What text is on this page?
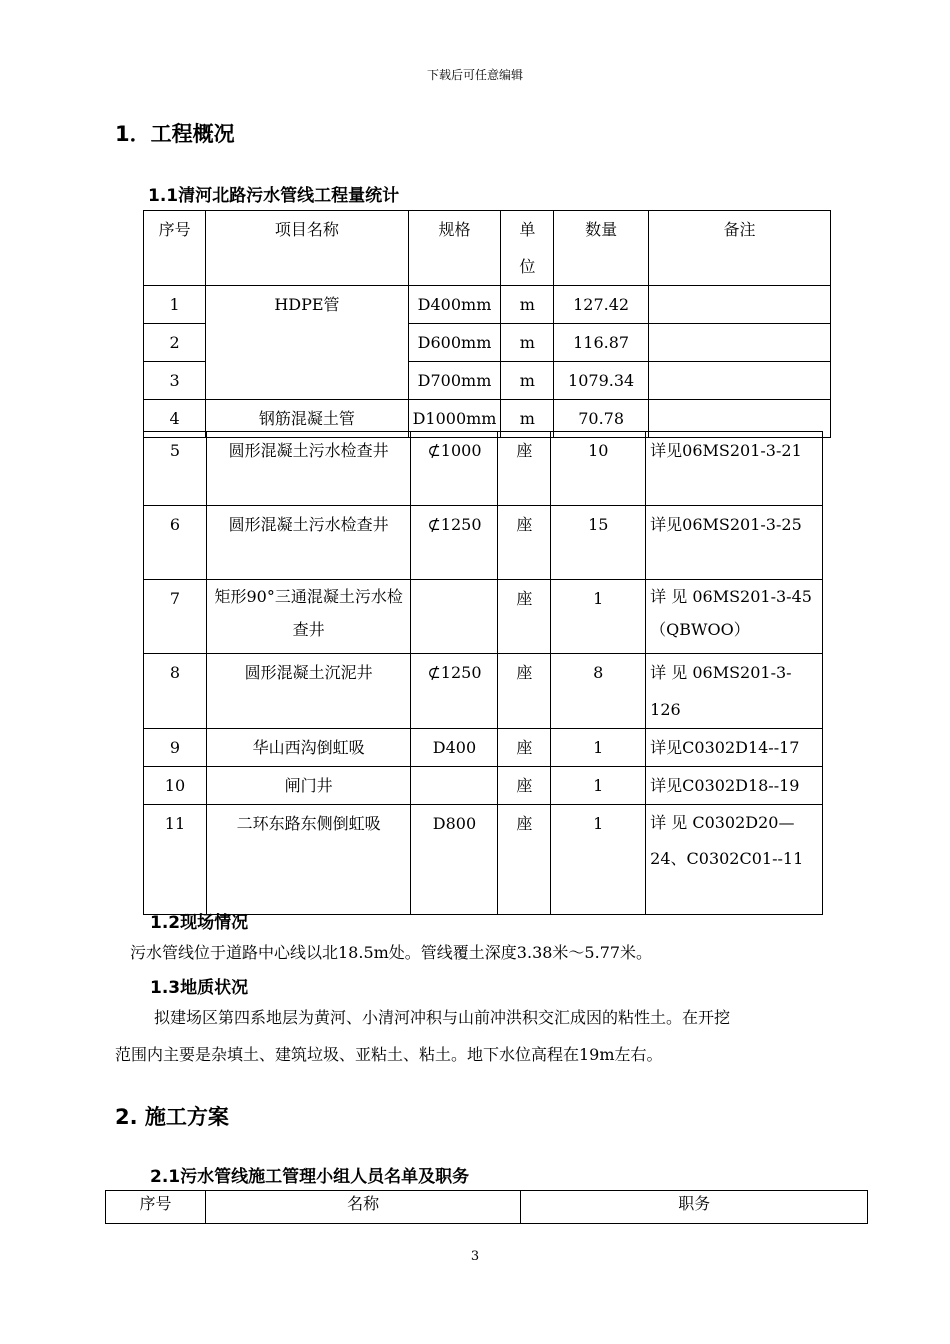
下载后可任意编辑
1．工程概况
1.1清河北路污水管线工程量统计
序号	项目名称	规格	单位	数量	备注
1	HDPE管	D400mm	m	127.42	
2		D600mm	m	116.87	
3		D700mm	m	1079.34	
4	钢筋混凝土管	D1000mm	m	70.78	
5	圆形混凝土污水检查井	⊄1000	座	10	详见06MS201-3-21
6	圆形混凝土污水检查井	⊄1250	座	15	详见06MS201-3-25
7	矩形90°三通混凝土污水检查井		座	1	详 见 06MS201-3-45（QBWOO）
8	圆形混凝土沉泥井	⊄1250	座	8	详 见 06MS201-3-126
9	华山西沟倒虹吸	D400	座	1	详见C0302D14--17
10	闸门井		座	1	详见C0302D18--19
11	二环东路东侧倒虹吸	D800	座	1	详 见 C0302D20—24、C0302C01--11
1.2现场情况
污水管线位于道路中心线以北18.5m处。管线覆土深度3.38米～5.77米。
1.3地质状况
拟建场区第四系地层为黄河、小清河冲积与山前冲洪积交汇成因的粘性土。在开挖
范围内主要是杂填土、建筑垃圾、亚粘土、粘土。地下水位高程在19m左右。
2. 施工方案
2.1污水管线施工管理小组人员名单及职务
序号	名称	职务
3
